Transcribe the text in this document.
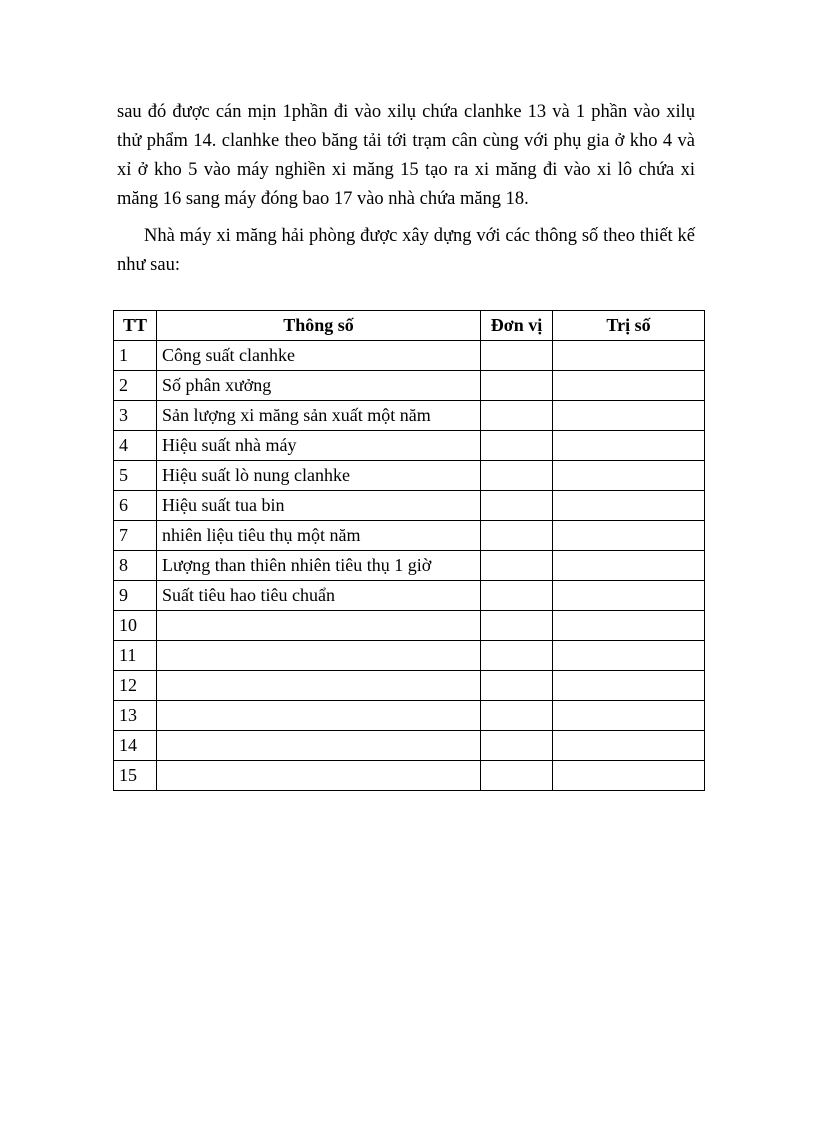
sau đó được cán mịn 1phần đi vào xilụ chứa clanhke 13 và 1 phần vào xilụ thử phẩm 14. clanhke theo băng tải tới trạm cân cùng với phụ gia ở kho 4 và xỉ ở kho 5 vào máy nghiền xi măng 15 tạo ra xi măng đi vào xi lô chứa xi măng 16 sang máy đóng bao 17 vào nhà chứa măng 18.

Nhà máy xi măng hải phòng được xây dựng với các thông số theo thiết kế như sau:

TT	Thông số	Đơn vị	Trị số
1	Công suất clanhke		
2	Số phân xưởng		
3	Sản lượng xi măng sản xuất một năm		
4	Hiệu suất nhà máy		
5	Hiệu suất lò nung clanhke		
6	Hiệu suất tua bin		
7	nhiên liệu tiêu thụ một năm		
8	Lượng than thiên nhiên tiêu thụ 1 giờ		
9	Suất tiêu hao tiêu chuẩn		
10			
11			
12			
13			
14			
15			
